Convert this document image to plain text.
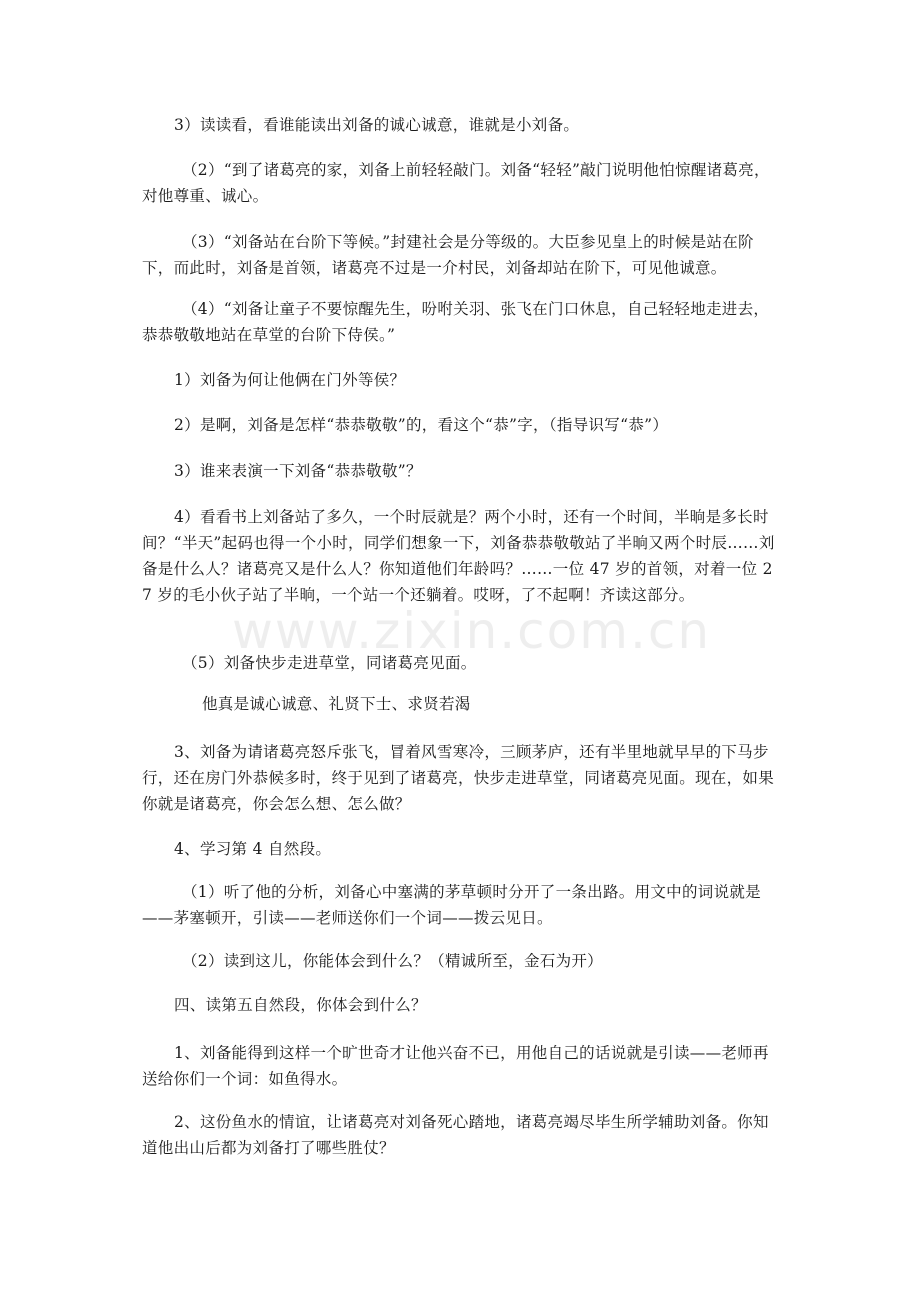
3）读读看，看谁能读出刘备的诚心诚意，谁就是小刘备。

（2）“到了诸葛亮的家，刘备上前轻轻敲门。刘备“轻轻”敲门说明他怕惊醒诸葛亮，对他尊重、诚心。

（3）“刘备站在台阶下等候。”封建社会是分等级的。大臣参见皇上的时候是站在阶下，而此时，刘备是首领，诸葛亮不过是一介村民，刘备却站在阶下，可见他诚意。

（4）“刘备让童子不要惊醒先生，吩咐关羽、张飞在门口休息，自己轻轻地走进去，恭恭敬敬地站在草堂的台阶下侍侯。”

1）刘备为何让他俩在门外等侯？

2）是啊，刘备是怎样“恭恭敬敬”的，看这个“恭”字，（指导识写“恭”）

3）谁来表演一下刘备“恭恭敬敬”？

4）看看书上刘备站了多久，一个时辰就是？两个小时，还有一个时间，半晌是多长时间？“半天”起码也得一个小时，同学们想象一下，刘备恭恭敬敬站了半晌又两个时辰……刘备是什么人？诸葛亮又是什么人？你知道他们年龄吗？……一位 47 岁的首领，对着一位 27 岁的毛小伙子站了半晌，一个站一个还躺着。哎呀，了不起啊！齐读这部分。

（5）刘备快步走进草堂，同诸葛亮见面。

他真是诚心诚意、礼贤下士、求贤若渴

3、刘备为请诸葛亮怒斥张飞，冒着风雪寒冷，三顾茅庐，还有半里地就早早的下马步行，还在房门外恭候多时，终于见到了诸葛亮，快步走进草堂，同诸葛亮见面。现在，如果你就是诸葛亮，你会怎么想、怎么做？

4、学习第 4 自然段。

（1）听了他的分析，刘备心中塞满的茅草顿时分开了一条出路。用文中的词说就是——茅塞顿开，引读——老师送你们一个词——拨云见日。

（2）读到这儿，你能体会到什么？（精诚所至，金石为开）

四、读第五自然段，你体会到什么？

1、刘备能得到这样一个旷世奇才让他兴奋不已，用他自己的话说就是引读——老师再送给你们一个词：如鱼得水。

2、这份鱼水的情谊，让诸葛亮对刘备死心踏地，诸葛亮竭尽毕生所学辅助刘备。你知道他出山后都为刘备打了哪些胜仗？

www.zixin.com.cn
